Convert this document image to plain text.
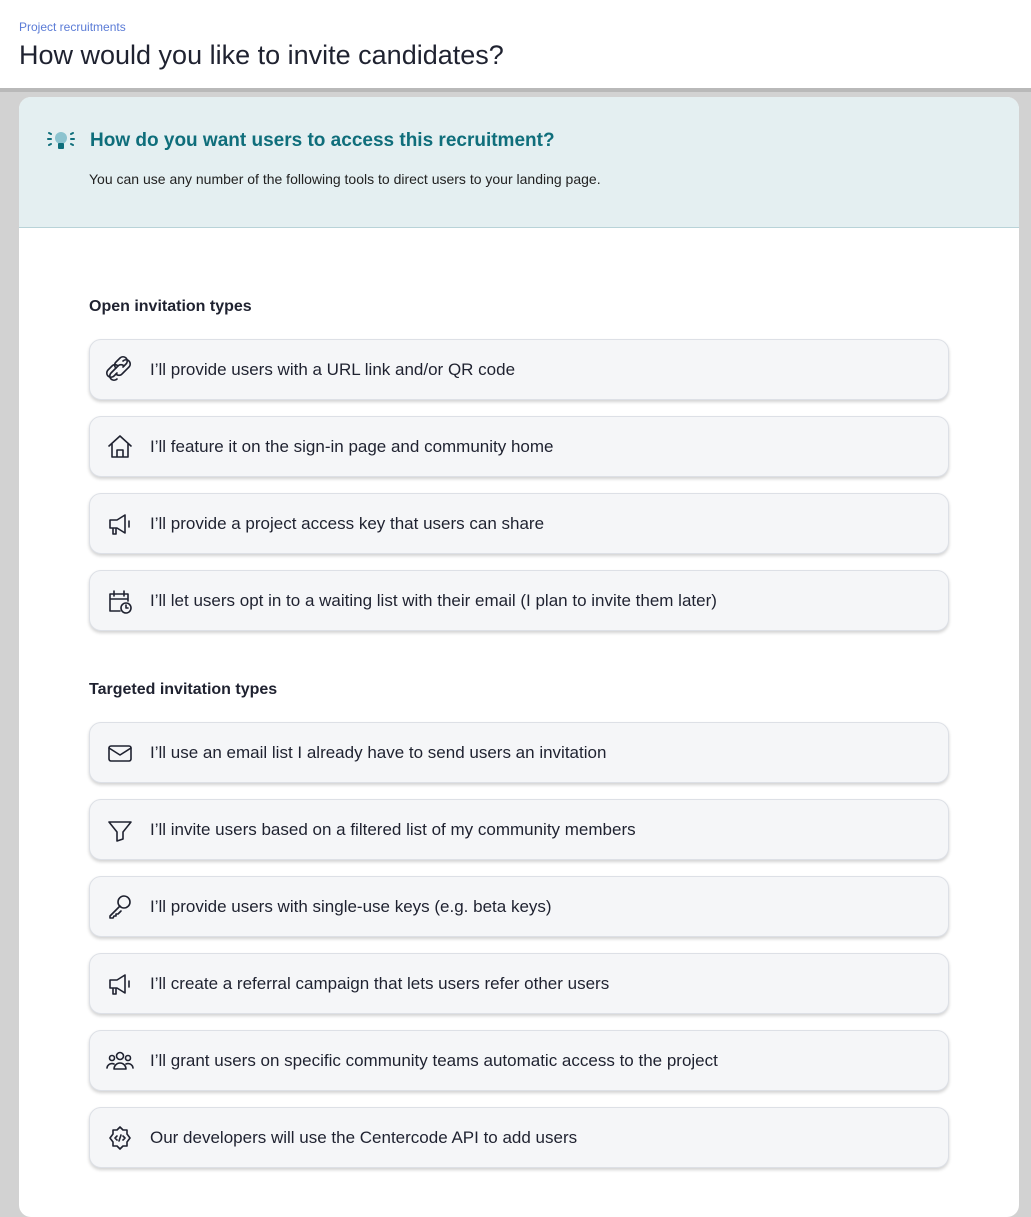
Project recruitments
How would you like to invite candidates?
How do you want users to access this recruitment?
You can use any number of the following tools to direct users to your landing page.
Open invitation types
I’ll provide users with a URL link and/or QR code
I’ll feature it on the sign-in page and community home
I’ll provide a project access key that users can share
I’ll let users opt in to a waiting list with their email (I plan to invite them later)
Targeted invitation types
I’ll use an email list I already have to send users an invitation
I’ll invite users based on a filtered list of my community members
I’ll provide users with single-use keys (e.g. beta keys)
I’ll create a referral campaign that lets users refer other users
I’ll grant users on specific community teams automatic access to the project
Our developers will use the Centercode API to add users
